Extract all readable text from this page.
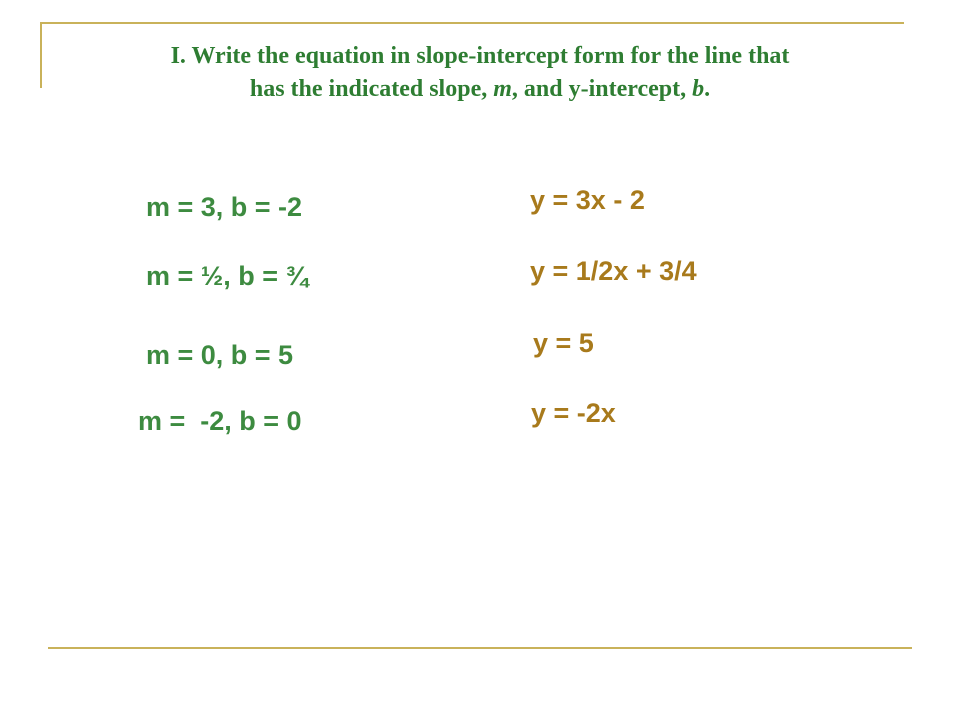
I. Write the equation in slope-intercept form for the line that
has the indicated slope, m, and y-intercept, b.
m = 3, b = -2
m = ½, b = ¾
m = 0, b = 5
m =  -2, b = 0
y = 3x - 2
y = 1/2x + 3/4
y = 5
y = -2x
